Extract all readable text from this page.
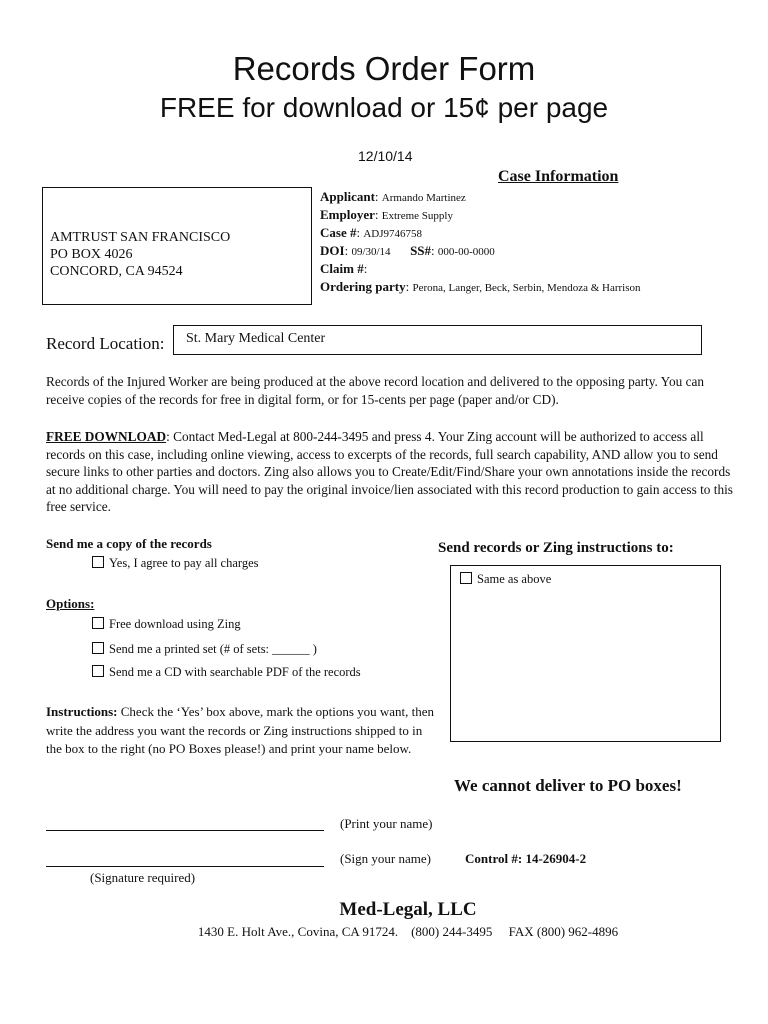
Records Order Form
FREE for download or 15¢ per page
12/10/14
Case Information
AMTRUST SAN FRANCISCO
PO BOX 4026
CONCORD, CA 94524
Applicant: Armando Martinez
Employer: Extreme Supply
Case #: ADJ9746758
DOI: 09/30/14 SS#: 000-00-0000
Claim #:
Ordering party: Perona, Langer, Beck, Serbin, Mendoza & Harrison
Record Location:	St. Mary Medical Center
Records of the Injured Worker are being produced at the above record location and delivered to the opposing party. You can receive copies of the records for free in digital form, or for 15-cents per page (paper and/or CD).
FREE DOWNLOAD: Contact Med-Legal at 800-244-3495 and press 4. Your Zing account will be authorized to access all records on this case, including online viewing, access to excerpts of the records, full search capability, AND allow you to send secure links to other parties and doctors. Zing also allows you to Create/Edit/Find/Share your own annotations inside the records at no additional charge. You will need to pay the original invoice/lien associated with this record production to gain access to this free service.
Send me a copy of the records
Yes, I agree to pay all charges
Options:
Free download using Zing
Send me a printed set (# of sets: ______ )
Send me a CD with searchable PDF of the records
Send records or Zing instructions to:
Same as above
Instructions: Check the ‘Yes’ box above, mark the options you want, then write the address you want the records or Zing instructions shipped to in the box to the right (no PO Boxes please!) and print your name below.
We cannot deliver to PO boxes!
(Print your name)
(Sign your name)	Control #: 14-26904-2
(Signature required)
Med-Legal, LLC
1430 E. Holt Ave., Covina, CA 91724. (800) 244-3495 FAX (800) 962-4896
